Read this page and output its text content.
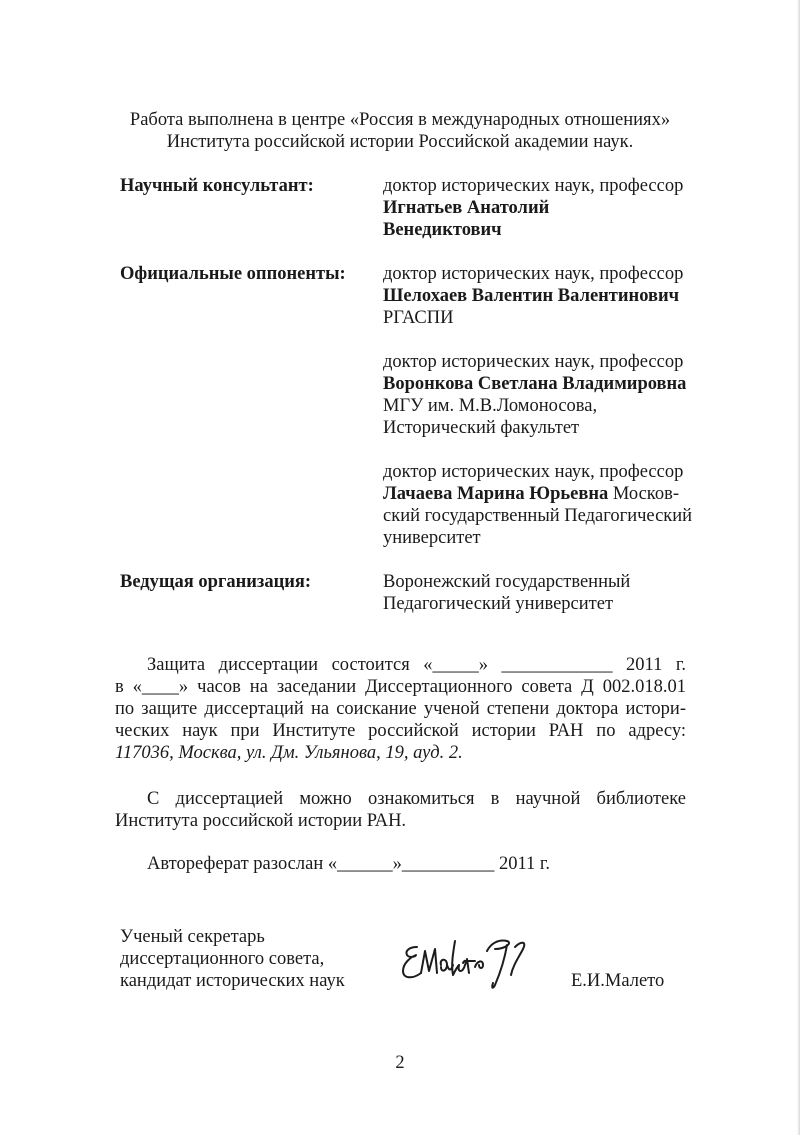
Работа выполнена в центре «Россия в международных отношениях»
Института российской истории Российской академии наук.
Научный консультант:	доктор исторических наук, профессор
Игнатьев Анатолий
Венедиктович
Официальные оппоненты: доктор исторических наук, профессор
Шелохаев Валентин Валентинович
РГАСПИ
доктор исторических наук, профессор
Воронкова Светлана Владимировна
МГУ им. М.В.Ломоносова,
Исторический факультет
доктор исторических наук, профессор
Лачаева Марина Юрьевна Москов-
ский государственный Педагогический
университет
Ведущая организация:	Воронежский государственный
Педагогический университет
Защита диссертации состоится «_____» ____________ 2011 г.
в «____» часов на заседании Диссертационного совета Д 002.018.01
по защите диссертаций на соискание ученой степени доктора истори-
ческих наук при Институте российской истории РАН по адресу:
117036, Москва, ул. Дм. Ульянова, 19, ауд. 2.
С диссертацией можно ознакомиться в научной библиотеке
Института российской истории РАН.
Автореферат разослан «______»__________ 2011 г.
Ученый секретарь
диссертационного совета,
кандидат исторических наук	Е.И.Малето
2
